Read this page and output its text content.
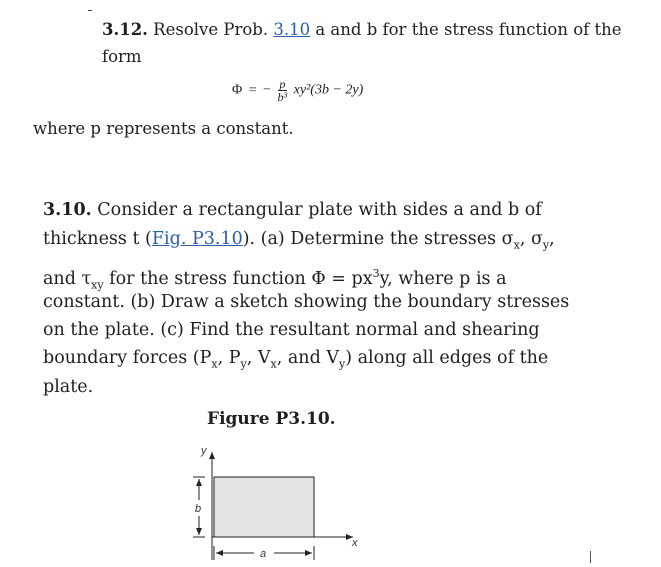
3.12. Resolve Prob. 3.10 a and b for the stress function of the
form
Φ = − $\frac{p}{\text{b³}} xy^2(3b - 2y)$
where p represents a constant.
3.10. Consider a rectangular plate with sides a and b of
thickness t (Fig. P3.10). (a) Determine the stresses $\sigma_x$, $\sigma_y$,
and $\tau_{xy}$ for the stress function $\Phi = px^3y$, where p is a
constant. (b) Draw a sketch showing the boundary stresses
on the plate. (c) Find the resultant normal and shearing
boundary forces ($P_x$, $P_y$, $V_x$, and $V_y$) along all edges of the
plate.
Figure P3.10.
y
x
b
a
